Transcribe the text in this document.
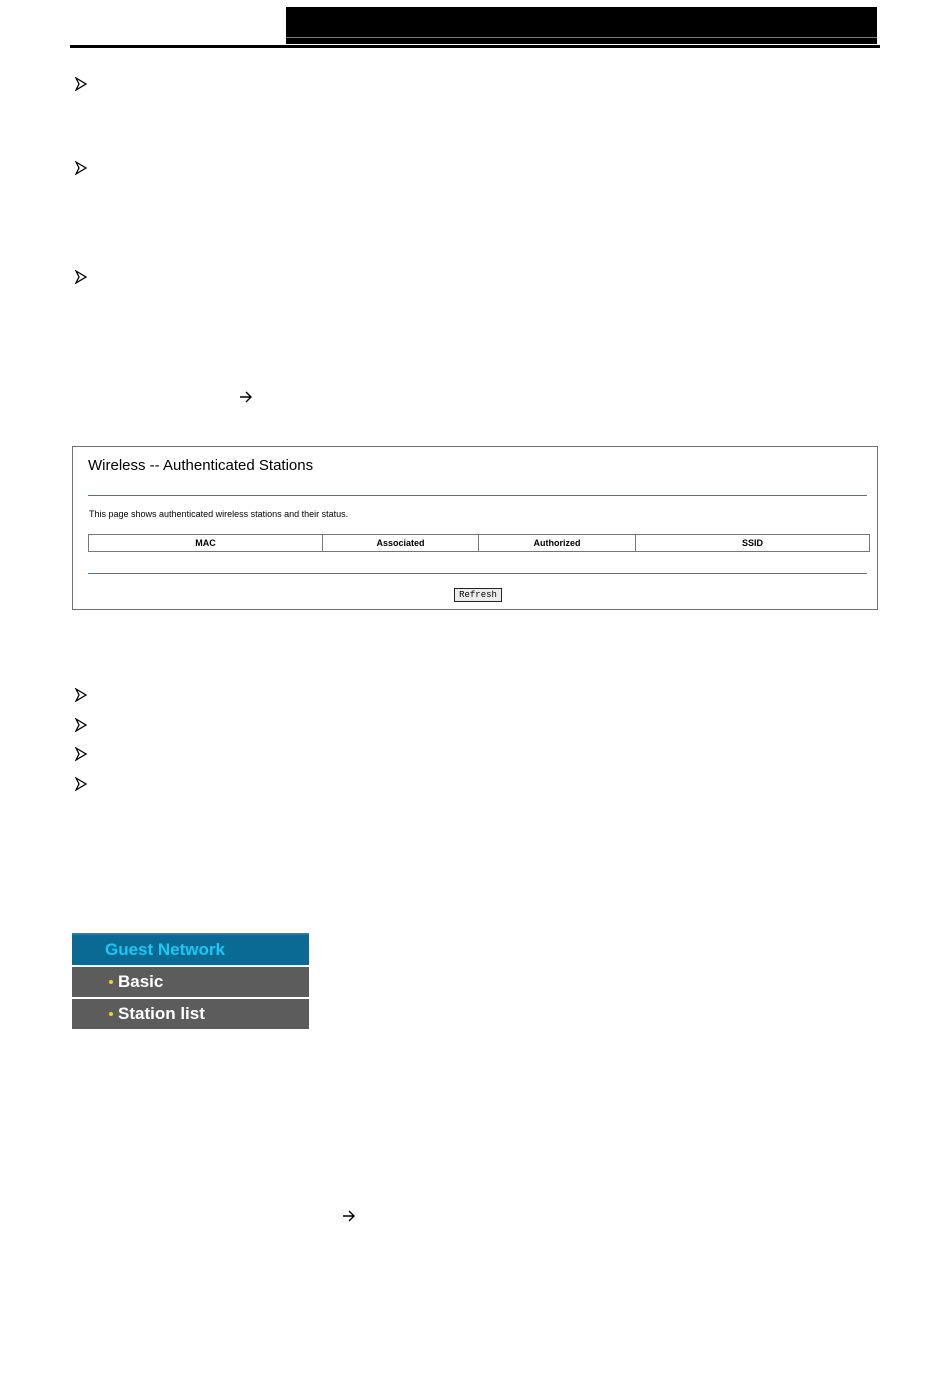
Wireless -- Authenticated Stations
This page shows authenticated wireless stations and their status.
MAC	Associated	Authorized	SSID
Refresh
Guest Network
Basic
Station list
